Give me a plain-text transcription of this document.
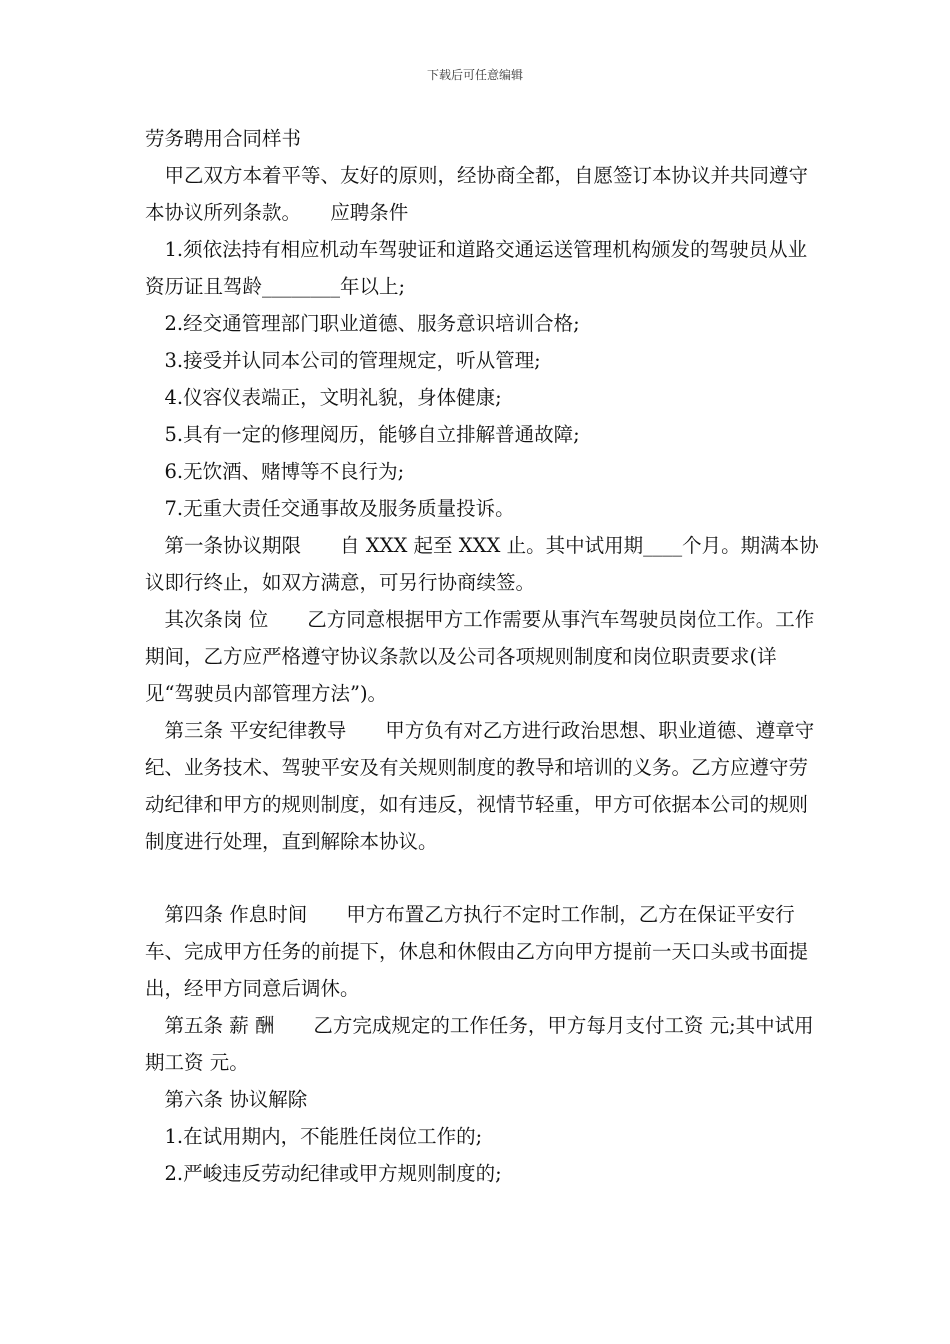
下载后可任意编辑

劳务聘用合同样书

　甲乙双方本着平等、友好的原则，经协商全都，自愿签订本协议并共同遵守本协议所列条款。　　应聘条件

　1.须依法持有相应机动车驾驶证和道路交通运送管理机构颁发的驾驶员从业资历证且驾龄________年以上;

　2.经交通管理部门职业道德、服务意识培训合格;

　3.接受并认同本公司的管理规定，听从管理;

　4.仪容仪表端正，文明礼貌，身体健康;

　5.具有一定的修理阅历，能够自立排解普通故障;

　6.无饮酒、赌博等不良行为;

　7.无重大责任交通事故及服务质量投诉。

　第一条协议期限　　自 XXX 起至 XXX 止。其中试用期____个月。期满本协议即行终止，如双方满意，可另行协商续签。

　其次条岗 位　　乙方同意根据甲方工作需要从事汽车驾驶员岗位工作。工作期间，乙方应严格遵守协议条款以及公司各项规则制度和岗位职责要求(详见“驾驶员内部管理方法”)。

　第三条 平安纪律教导　　甲方负有对乙方进行政治思想、职业道德、遵章守纪、业务技术、驾驶平安及有关规则制度的教导和培训的义务。乙方应遵守劳动纪律和甲方的规则制度，如有违反，视情节轻重，甲方可依据本公司的规则制度进行处理，直到解除本协议。

　第四条 作息时间　　甲方布置乙方执行不定时工作制，乙方在保证平安行车、完成甲方任务的前提下，休息和休假由乙方向甲方提前一天口头或书面提出，经甲方同意后调休。

　第五条 薪 酬　　乙方完成规定的工作任务，甲方每月支付工资 元;其中试用期工资 元。

　第六条 协议解除

　1.在试用期内，不能胜任岗位工作的;

　2.严峻违反劳动纪律或甲方规则制度的;
